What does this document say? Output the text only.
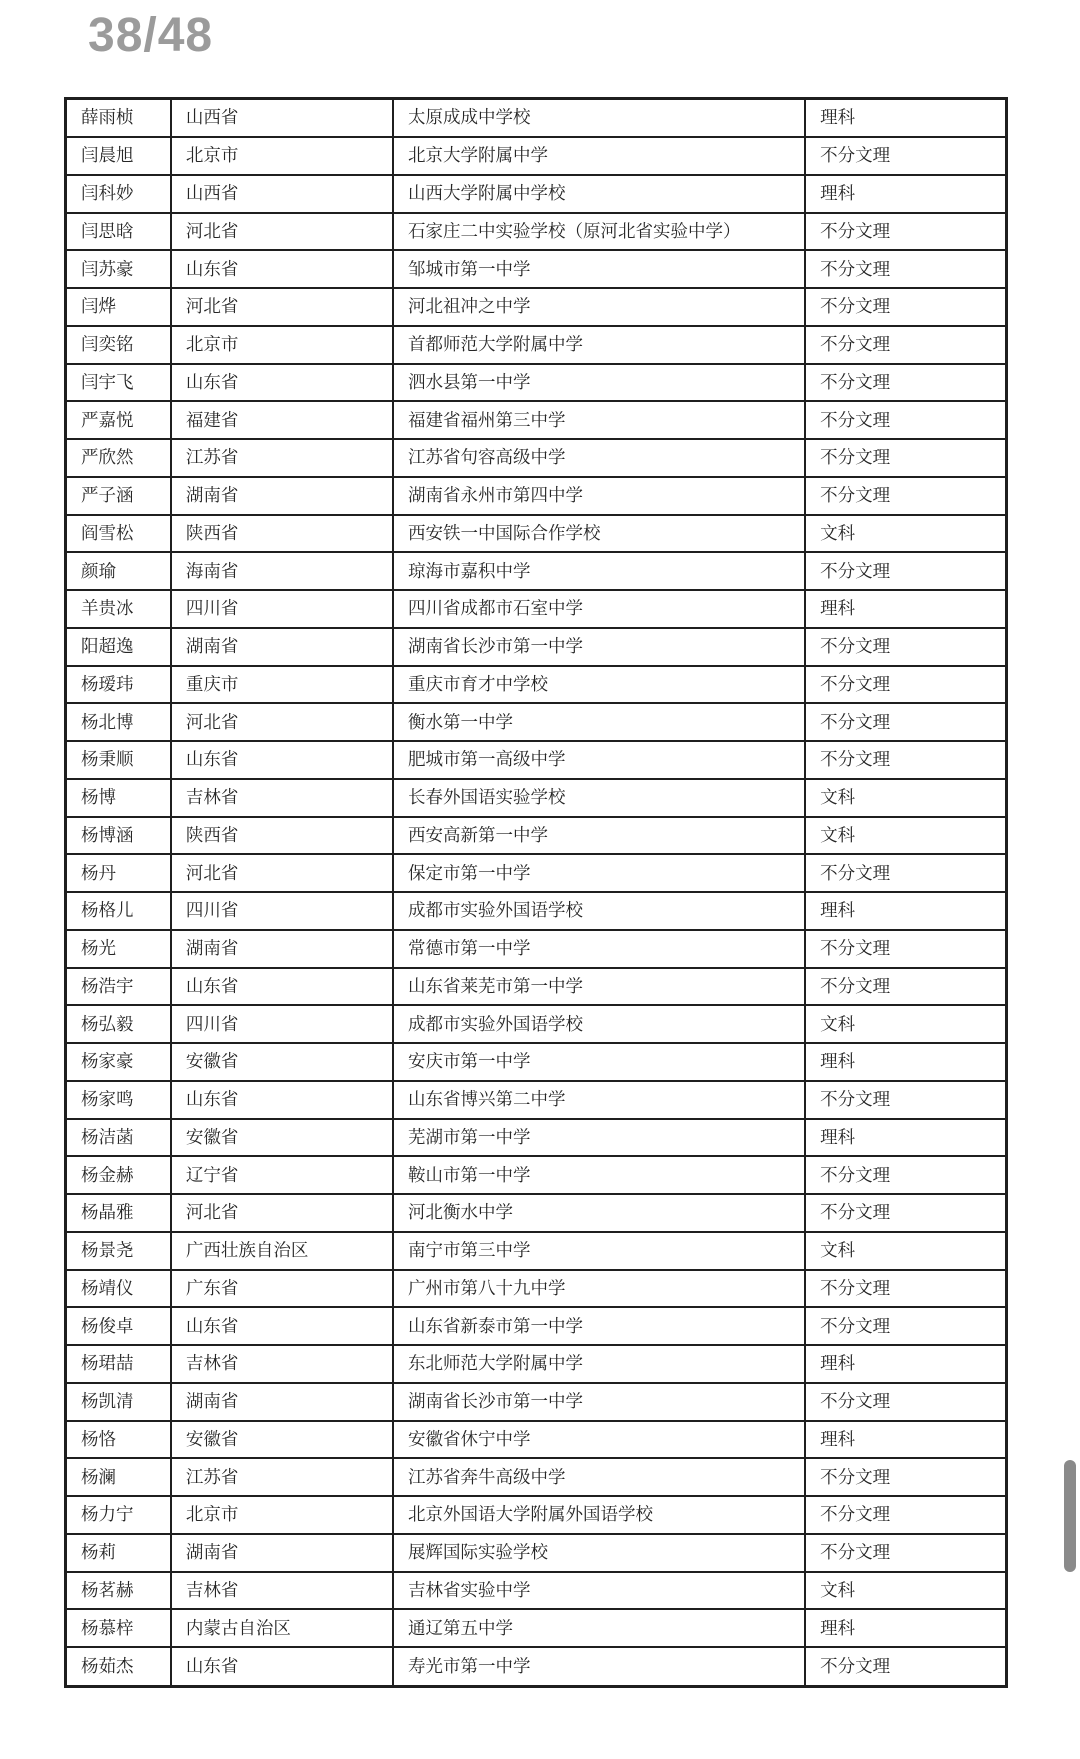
38/48
薛雨桢	山西省	太原成成中学校	理科
闫晨旭	北京市	北京大学附属中学	不分文理
闫科妙	山西省	山西大学附属中学校	理科
闫思晗	河北省	石家庄二中实验学校（原河北省实验中学）	不分文理
闫苏豪	山东省	邹城市第一中学	不分文理
闫烨	河北省	河北祖冲之中学	不分文理
闫奕铭	北京市	首都师范大学附属中学	不分文理
闫宇飞	山东省	泗水县第一中学	不分文理
严嘉悦	福建省	福建省福州第三中学	不分文理
严欣然	江苏省	江苏省句容高级中学	不分文理
严子涵	湖南省	湖南省永州市第四中学	不分文理
阎雪松	陕西省	西安铁一中国际合作学校	文科
颜瑜	海南省	琼海市嘉积中学	不分文理
羊贵冰	四川省	四川省成都市石室中学	理科
阳超逸	湖南省	湖南省长沙市第一中学	不分文理
杨瑷玮	重庆市	重庆市育才中学校	不分文理
杨北博	河北省	衡水第一中学	不分文理
杨秉顺	山东省	肥城市第一高级中学	不分文理
杨博	吉林省	长春外国语实验学校	文科
杨博涵	陕西省	西安高新第一中学	文科
杨丹	河北省	保定市第一中学	不分文理
杨格儿	四川省	成都市实验外国语学校	理科
杨光	湖南省	常德市第一中学	不分文理
杨浩宇	山东省	山东省莱芜市第一中学	不分文理
杨弘毅	四川省	成都市实验外国语学校	文科
杨家豪	安徽省	安庆市第一中学	理科
杨家鸣	山东省	山东省博兴第二中学	不分文理
杨洁菡	安徽省	芜湖市第一中学	理科
杨金赫	辽宁省	鞍山市第一中学	不分文理
杨晶雅	河北省	河北衡水中学	不分文理
杨景尧	广西壮族自治区	南宁市第三中学	文科
杨靖仪	广东省	广州市第八十九中学	不分文理
杨俊卓	山东省	山东省新泰市第一中学	不分文理
杨珺喆	吉林省	东北师范大学附属中学	理科
杨凯清	湖南省	湖南省长沙市第一中学	不分文理
杨恪	安徽省	安徽省休宁中学	理科
杨澜	江苏省	江苏省奔牛高级中学	不分文理
杨力宁	北京市	北京外国语大学附属外国语学校	不分文理
杨莉	湖南省	展辉国际实验学校	不分文理
杨茗赫	吉林省	吉林省实验中学	文科
杨慕梓	内蒙古自治区	通辽第五中学	理科
杨茹杰	山东省	寿光市第一中学	不分文理
